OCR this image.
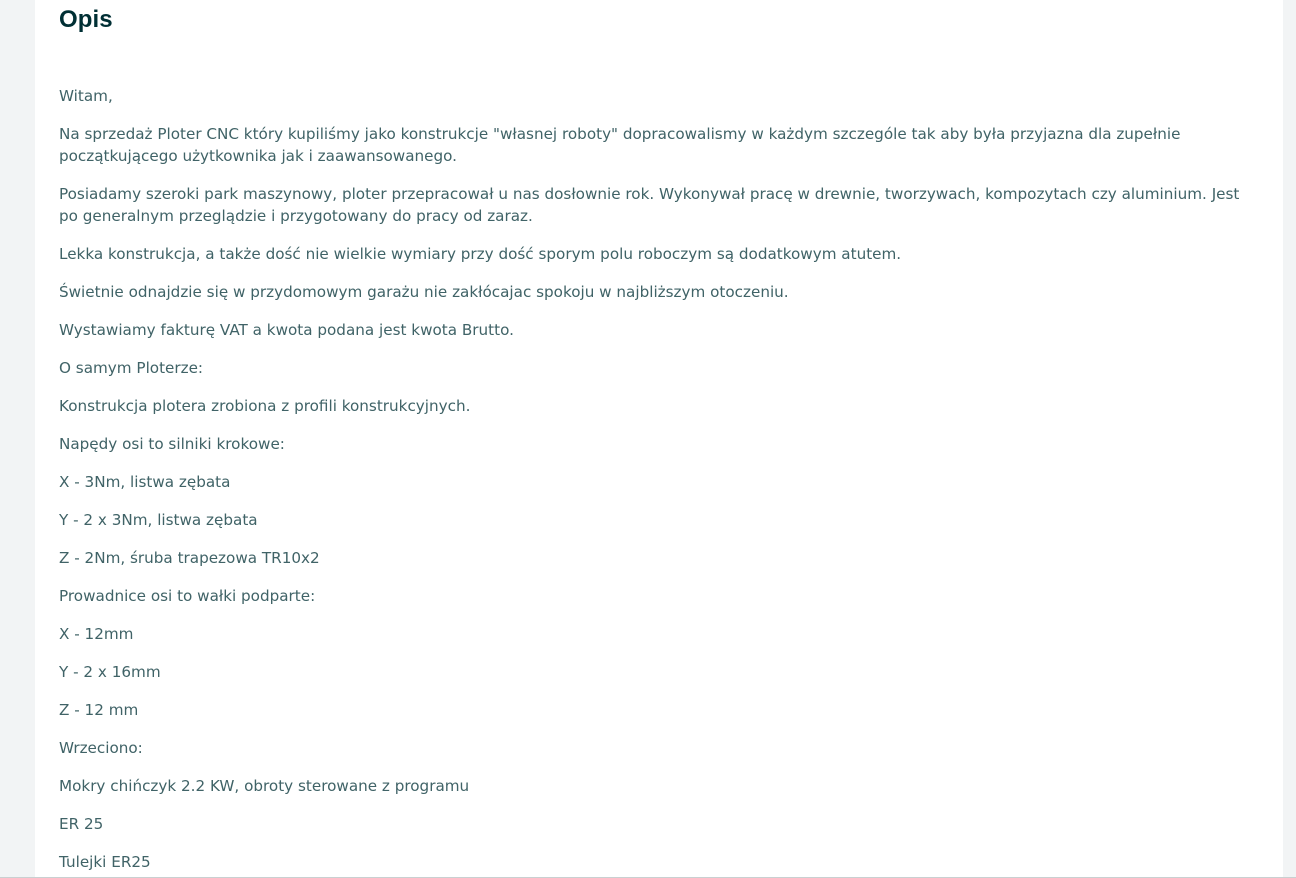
Opis

Witam,

Na sprzedaż Ploter CNC który kupiliśmy jako konstrukcje "własnej roboty" dopracowalismy w każdym szczególe tak aby była przyjazna dla zupełnie początkującego użytkownika jak i zaawansowanego.

Posiadamy szeroki park maszynowy, ploter przepracował u nas dosłownie rok. Wykonywał pracę w drewnie, tworzywach, kompozytach czy aluminium. Jest po generalnym przeglądzie i przygotowany do pracy od zaraz.

Lekka konstrukcja, a także dość nie wielkie wymiary przy dość sporym polu roboczym są dodatkowym atutem.

Świetnie odnajdzie się w przydomowym garażu nie zakłócajac spokoju w najbliższym otoczeniu.

Wystawiamy fakturę VAT a kwota podana jest kwota Brutto.

O samym Ploterze:

Konstrukcja plotera zrobiona z profili konstrukcyjnych.

Napędy osi to silniki krokowe:

X - 3Nm, listwa zębata

Y - 2 x 3Nm, listwa zębata

Z - 2Nm, śruba trapezowa TR10x2

Prowadnice osi to wałki podparte:

X - 12mm

Y - 2 x 16mm

Z - 12 mm

Wrzeciono:

Mokry chińczyk 2.2 KW, obroty sterowane z programu

ER 25

Tulejki ER25
